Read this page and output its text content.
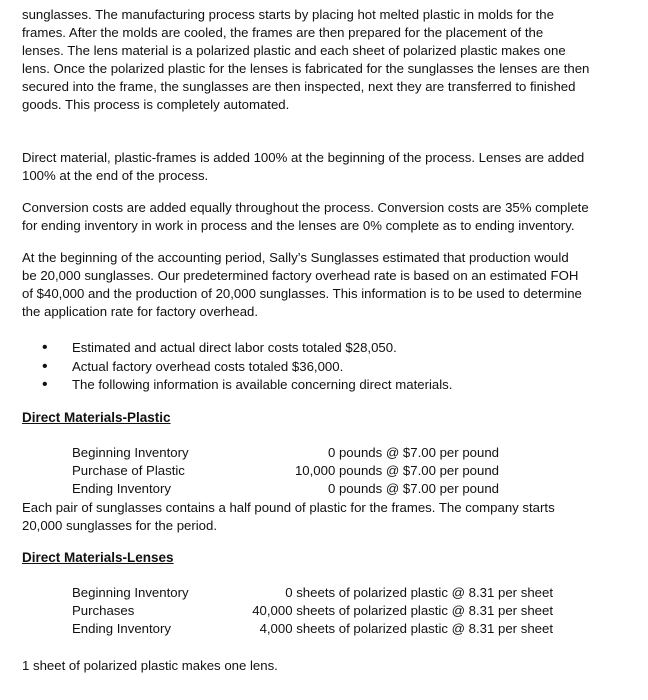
sunglasses. The manufacturing process starts by placing hot melted plastic in molds for the
frames. After the molds are cooled, the frames are then prepared for the placement of the
lenses. The lens material is a polarized plastic and each sheet of polarized plastic makes one
lens. Once the polarized plastic for the lenses is fabricated for the sunglasses the lenses are then
secured into the frame, the sunglasses are then inspected, next they are transferred to finished
goods. This process is completely automated.

Direct material, plastic-frames is added 100% at the beginning of the process. Lenses are added
100% at the end of the process.

Conversion costs are added equally throughout the process. Conversion costs are 35% complete
for ending inventory in work in process and the lenses are 0% complete as to ending inventory.

At the beginning of the accounting period, Sally’s Sunglasses estimated that production would
be 20,000 sunglasses. Our predetermined factory overhead rate is based on an estimated FOH
of $40,000 and the production of 20,000 sunglasses. This information is to be used to determine
the application rate for factory overhead.

• Estimated and actual direct labor costs totaled $28,050.
• Actual factory overhead costs totaled $36,000.
• The following information is available concerning direct materials.
Direct Materials-Plastic
Beginning Inventory	0 pounds @ $7.00 per pound
Purchase of Plastic	10,000 pounds @ $7.00 per pound
Ending Inventory	0 pounds @ $7.00 per pound

Each pair of sunglasses contains a half pound of plastic for the frames. The company starts
20,000 sunglasses for the period.

Direct Materials-Lenses
Beginning Inventory	0 sheets of polarized plastic @ 8.31 per sheet
Purchases	40,000 sheets of polarized plastic @ 8.31 per sheet
Ending Inventory	4,000 sheets of polarized plastic @ 8.31 per sheet

1 sheet of polarized plastic makes one lens.
